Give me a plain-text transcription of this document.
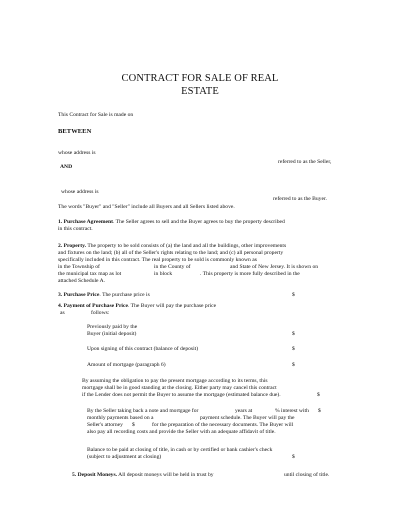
CONTRACT FOR SALE OF REAL
ESTATE
This Contract for Sale is made on
BETWEEN
whose address is
referred to as the Seller,
AND
whose address is
referred to as the Buyer.
The words "Buyer" and "Seller" include all Buyers and all Sellers listed above.
1. Purchase Agreement. The Seller agrees to sell and the Buyer agrees to buy the property described
in this contract.
2. Property. The property to be sold consists of (a) the land and all the buildings, other improvements
and fixtures on the land; (b) all of the Seller's rights relating to the land; and (c) all personal property
specifically included in this contract. The real property to be sold is commonly known as
in the Township of	in the County of	and State of New Jersey. It is shown on
the municipal tax map as lot	in block	. This property is more fully described in the
attached Schedule A.
3. Purchase Price. The purchase price is	$
4. Payment of Purchase Price. The Buyer will pay the purchase price
as	follows:
Previously paid by the
Buyer (initial deposit)	$
Upon signing of this contract (balance of deposit)	$
Amount of mortgage (paragraph 6)	$
By assuming the obligation to pay the present mortgage according to its terms, this
mortgage shall be in good standing at the closing. Either party may cancel this contract
if the Lender does not permit the Buyer to assume the mortgage (estimated balance due).	$
By the Seller taking back a note and mortgage for	years at	% interest with $
monthly payments based on a	payment schedule. The Buyer will pay the
Seller's attorney $	for the preparation of the necessary documents. The Buyer will
also pay all recording costs and provide the Seller with an adequate affidavit of title.
Balance to be paid at closing of title, in cash or by certified or bank cashier's check
(subject to adjustment at closing)	$
5. Deposit Moneys. All deposit moneys will be held in trust by	until closing of title.
